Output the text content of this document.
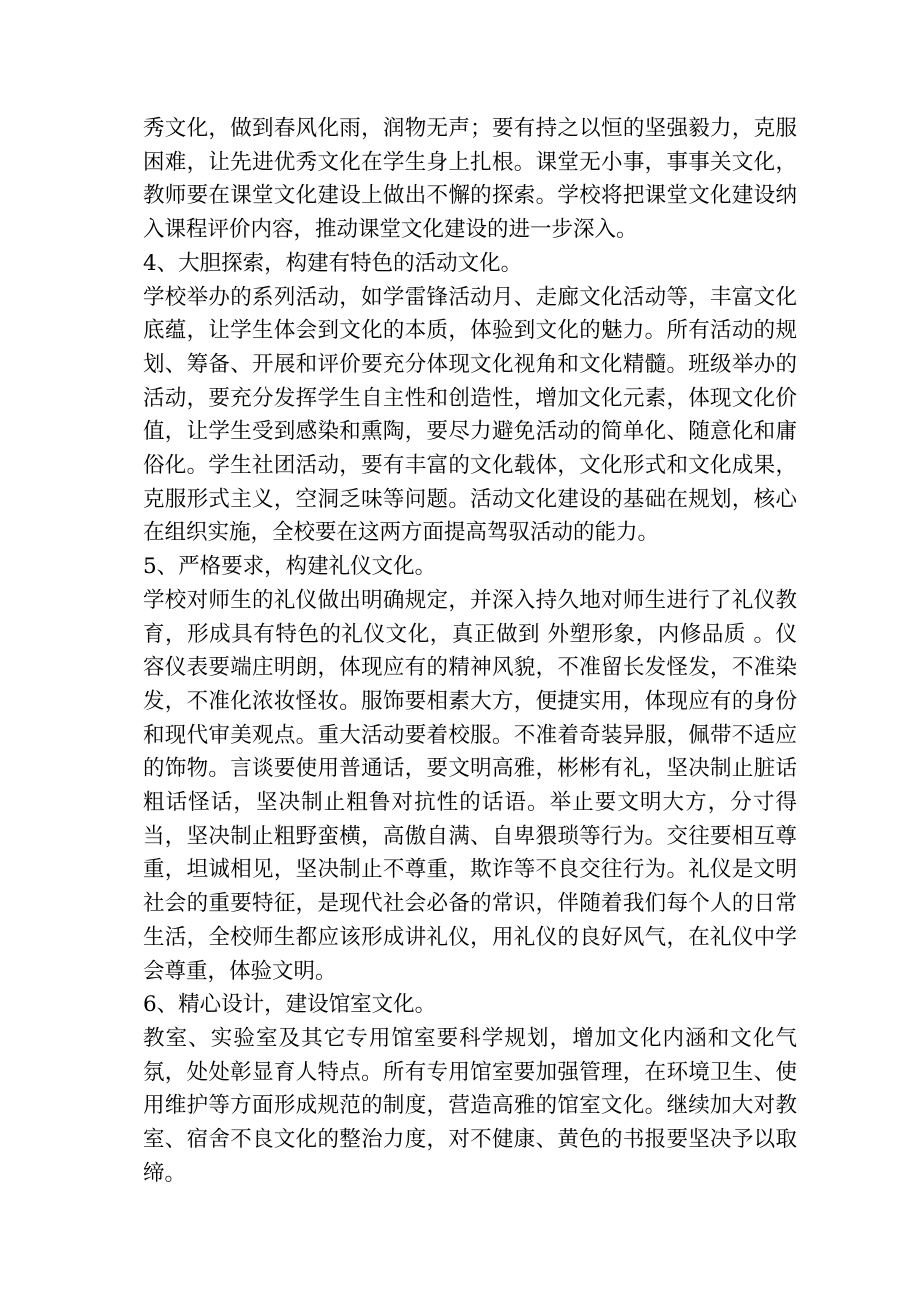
秀文化，做到春风化雨，润物无声；要有持之以恒的坚强毅力，克服困难，让先进优秀文化在学生身上扎根。课堂无小事，事事关文化，教师要在课堂文化建设上做出不懈的探索。学校将把课堂文化建设纳入课程评价内容，推动课堂文化建设的进一步深入。

4、大胆探索，构建有特色的活动文化。

学校举办的系列活动，如学雷锋活动月、走廊文化活动等，丰富文化底蕴，让学生体会到文化的本质，体验到文化的魅力。所有活动的规划、筹备、开展和评价要充分体现文化视角和文化精髓。班级举办的活动，要充分发挥学生自主性和创造性，增加文化元素，体现文化价值，让学生受到感染和熏陶，要尽力避免活动的简单化、随意化和庸俗化。学生社团活动，要有丰富的文化载体，文化形式和文化成果，克服形式主义，空洞乏味等问题。活动文化建设的基础在规划，核心在组织实施，全校要在这两方面提高驾驭活动的能力。

5、严格要求，构建礼仪文化。

学校对师生的礼仪做出明确规定，并深入持久地对师生进行了礼仪教育，形成具有特色的礼仪文化，真正做到 外塑形象，内修品质 。仪容仪表要端庄明朗，体现应有的精神风貌，不准留长发怪发，不准染发，不准化浓妆怪妆。服饰要相素大方，便捷实用，体现应有的身份和现代审美观点。重大活动要着校服。不准着奇装异服，佩带不适应的饰物。言谈要使用普通话，要文明高雅，彬彬有礼，坚决制止脏话粗话怪话，坚决制止粗鲁对抗性的话语。举止要文明大方，分寸得当，坚决制止粗野蛮横，高傲自满、自卑猥琐等行为。交往要相互尊重，坦诚相见，坚决制止不尊重，欺诈等不良交往行为。礼仪是文明社会的重要特征，是现代社会必备的常识，伴随着我们每个人的日常生活，全校师生都应该形成讲礼仪，用礼仪的良好风气，在礼仪中学会尊重，体验文明。

6、精心设计，建设馆室文化。

教室、实验室及其它专用馆室要科学规划，增加文化内涵和文化气氛，处处彰显育人特点。所有专用馆室要加强管理，在环境卫生、使用维护等方面形成规范的制度，营造高雅的馆室文化。继续加大对教室、宿舍不良文化的整治力度，对不健康、黄色的书报要坚决予以取缔。
